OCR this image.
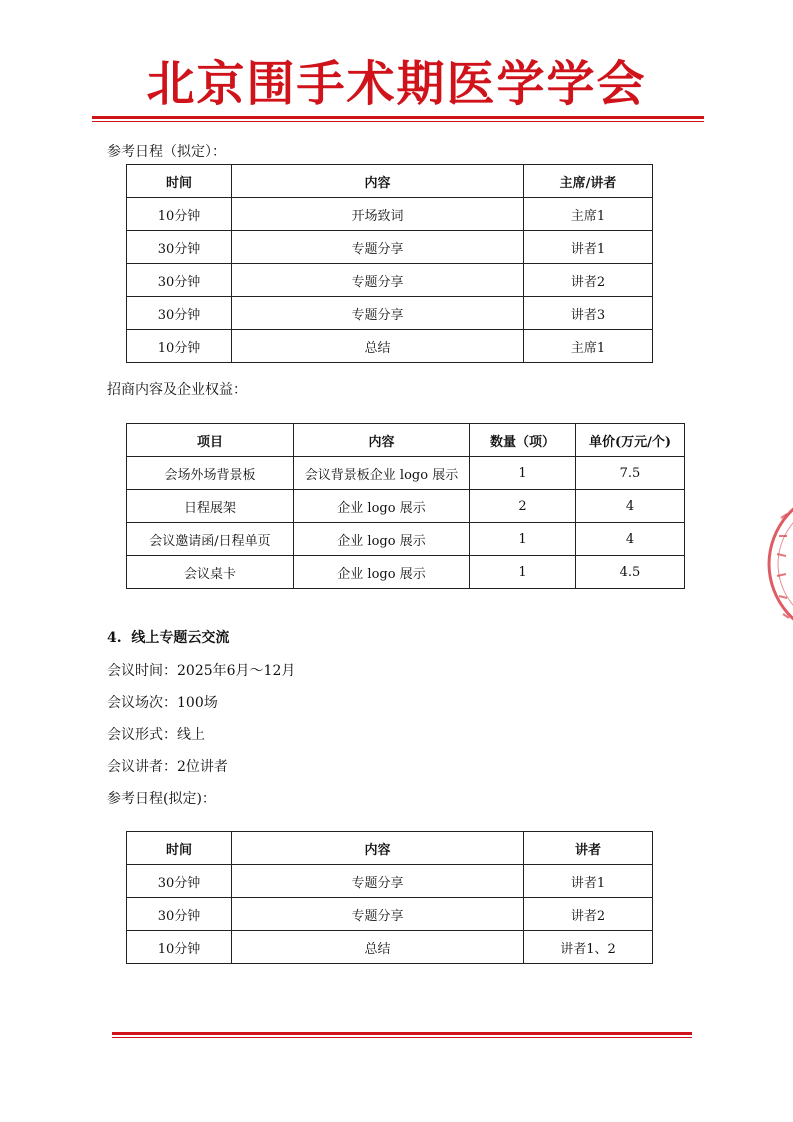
北京围手术期医学学会
参考日程（拟定）：
时间	内容	主席/讲者
10分钟	开场致词	主席1
30分钟	专题分享	讲者1
30分钟	专题分享	讲者2
30分钟	专题分享	讲者3
10分钟	总结	主席1
招商内容及企业权益：
项目	内容	数量（项）	单价(万元/个)
会场外场背景板	会议背景板企业 logo 展示	1	7.5
日程展架	企业 logo 展示	2	4
会议邀请函/日程单页	企业 logo 展示	1	4
会议桌卡	企业 logo 展示	1	4.5
4.  线上专题云交流
会议时间：2025年6月～12月
会议场次：100场
会议形式：线上
会议讲者：2位讲者
参考日程(拟定)：
时间	内容	讲者
30分钟	专题分享	讲者1
30分钟	专题分享	讲者2
10分钟	总结	讲者1、2
